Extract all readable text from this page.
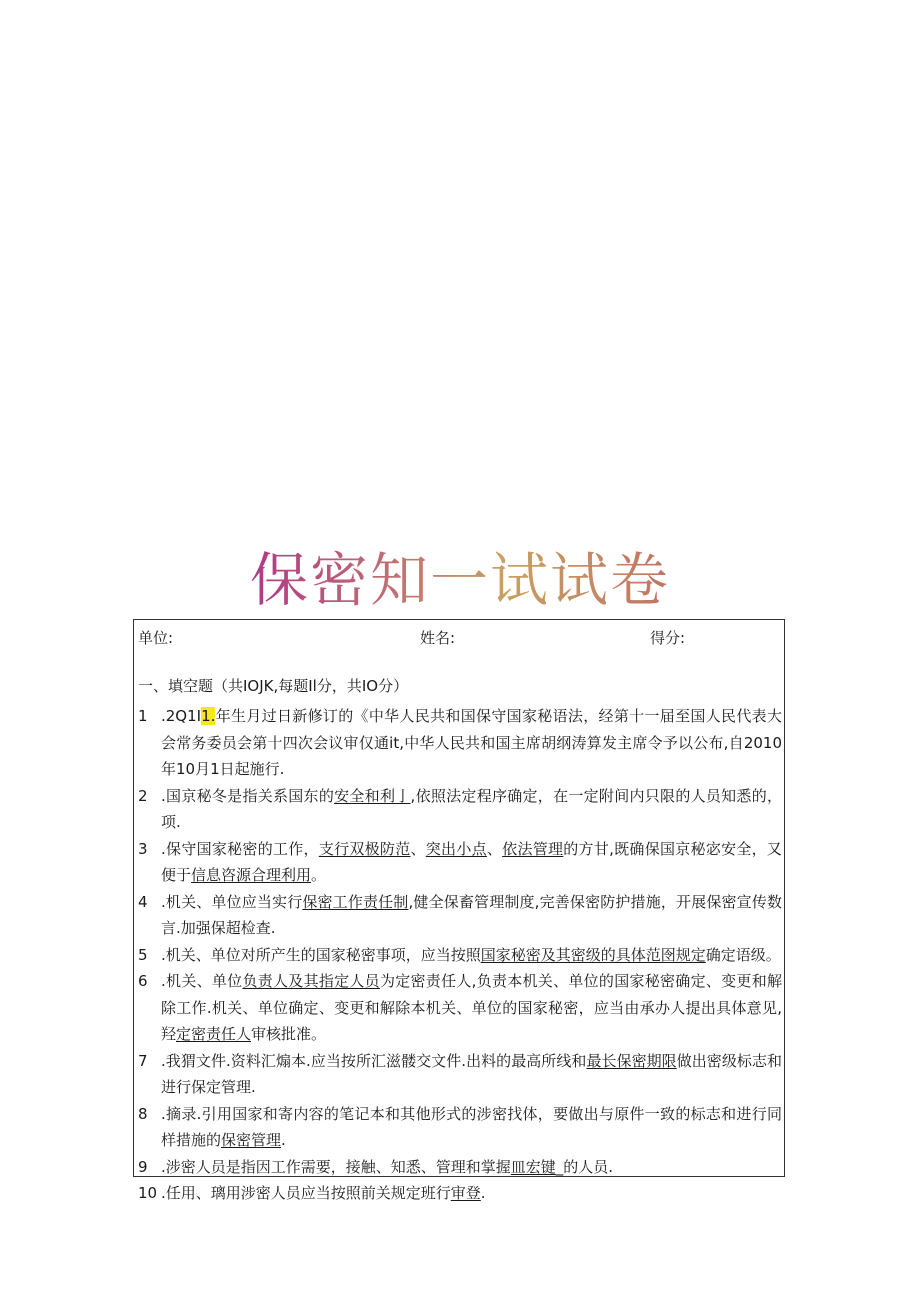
保密知一试试卷
单位:	姓名:	得分:
一、填空题（共IOJK,每题Il分，共IO分）
1 .2Q1I1.年生月过日新修订的《中华人民共和国保守国家秘语法，经第十一届至国人民代表大会常务委员会第十四次会议审仅通it,中华人民共和国主席胡纲涛算发主席令予以公布,自2010年10月1日起施行.
2 .国京秘冬是指关系国东的安全和利亅,依照法定程序确定，在一定附间内只限的人员知悉的，项.
3 .保守国家秘密的工作，支行双极防范、突出小点、依法管理的方甘,既确保国京秘宓安全，又便于信息咨源合理利用。
4 .机关、单位应当实行保密工作责任制,健全保畜管理制度,完善保密防护措施，开展保密宣传数言.加强保超检查.
5 .机关、单位对所产生的国家秘密事项，应当按照国家秘密及其密级的具体范囹规定确定语级。
6 .机关、单位负责人及其指定人员为定密责任人,负责本机关、单位的国家秘密确定、变更和解除工作.机关、单位确定、变更和解除本机关、单位的国家秘密，应当由承办人提出具体意见,羟定密责任人审核批准。
7 .我猬文件.资料汇煽本.应当按所汇滋髅交文件.出料的最高所线和最长保密期限做出密级标志和进行保定管理.
8 .摘录.引用国家和寄内容的笔记本和其他形式的涉密找体，要做出与原件一致的标志和进行同样措施的保密管理.
9 .涉密人员是指因工作需要，接触、知悉、管理和掌握皿宏键_的人员.
10 .任用、璃用涉密人员应当按照前关规定班行审登.
